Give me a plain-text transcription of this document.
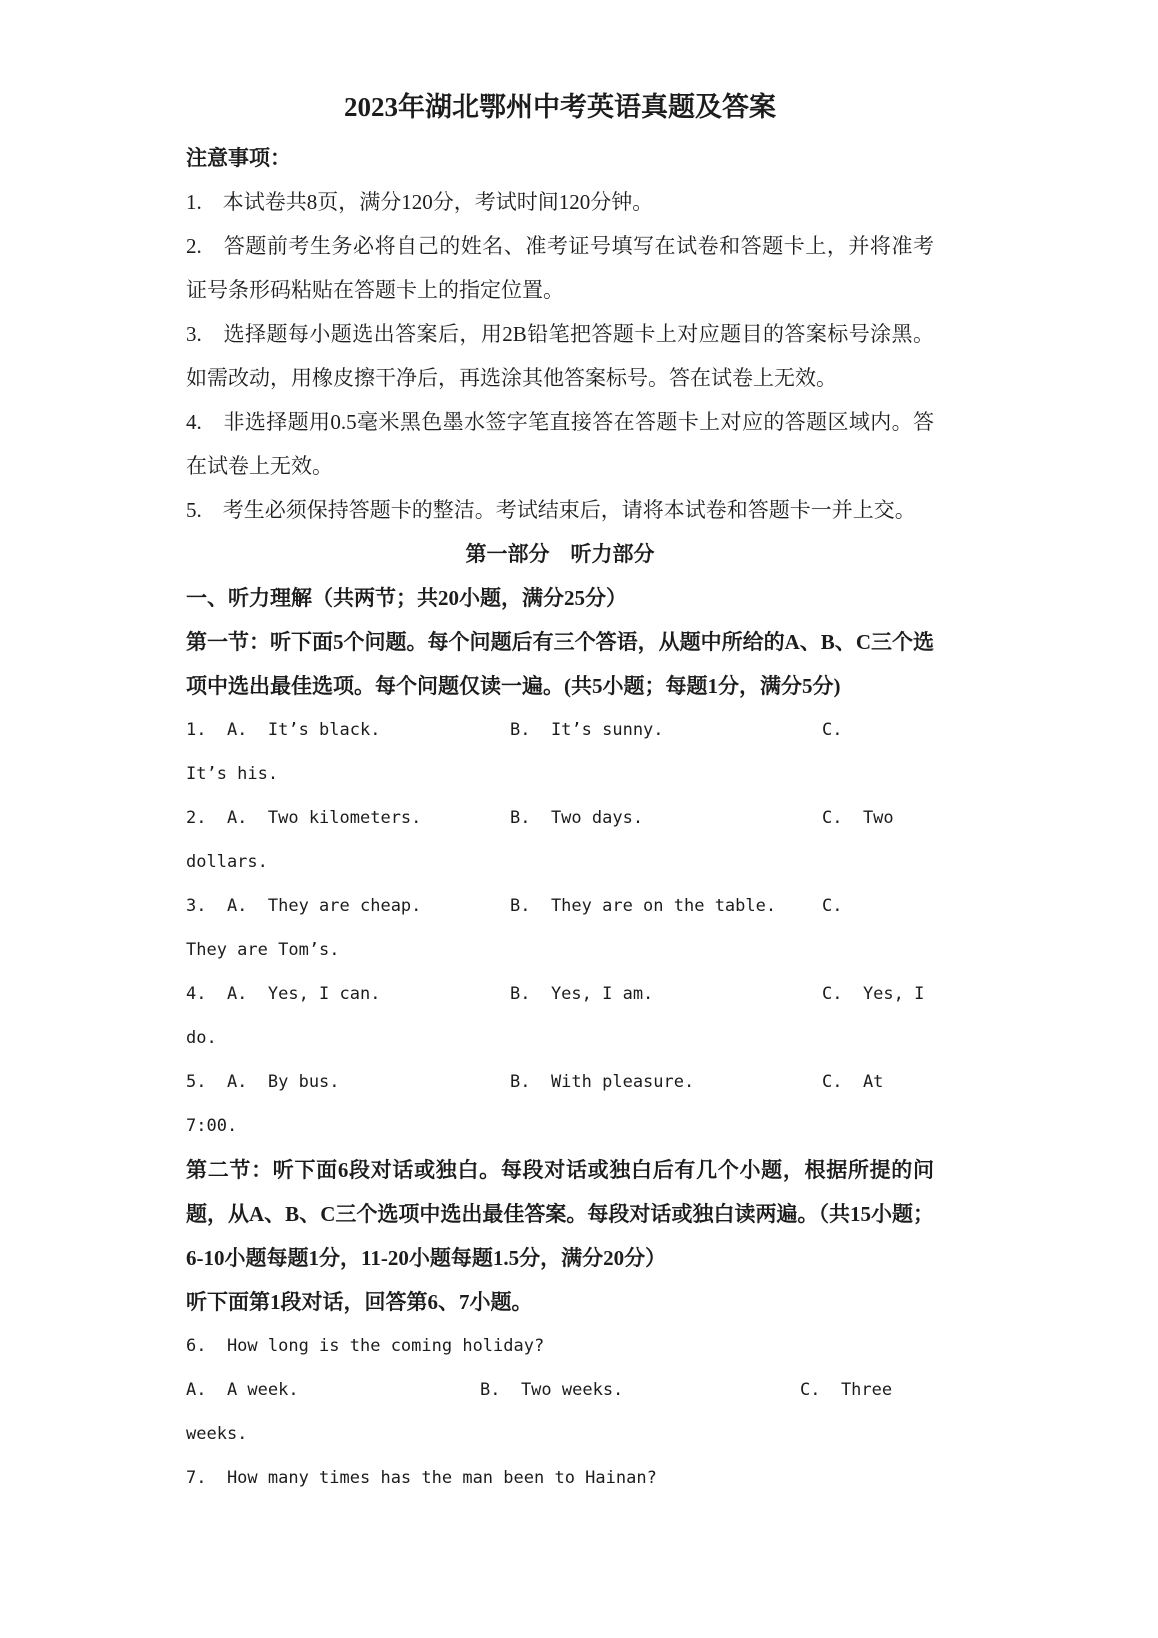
2023年湖北鄂州中考英语真题及答案

注意事项：

1.　本试卷共8页，满分120分，考试时间120分钟。

2.　答题前考生务必将自己的姓名、准考证号填写在试卷和答题卡上，并将准考证号条形码粘贴在答题卡上的指定位置。

3.　选择题每小题选出答案后，用2B铅笔把答题卡上对应题目的答案标号涂黑。如需改动，用橡皮擦干净后，再选涂其他答案标号。答在试卷上无效。

4.　非选择题用0.5毫米黑色墨水签字笔直接答在答题卡上对应的答题区域内。答在试卷上无效。

5.　考生必须保持答题卡的整洁。考试结束后，请将本试卷和答题卡一并上交。

第一部分　听力部分

一、听力理解（共两节；共20小题，满分25分）

第一节：听下面5个问题。每个问题后有三个答语，从题中所给的A、B、C三个选项中选出最佳选项。每个问题仅读一遍。(共5小题；每题1分，满分5分)

1.  A.  It’s black.	B.  It’s sunny.	C.

It’s his.

2.  A.  Two kilometers.	B.  Two days.	C.  Two

dollars.

3.  A.  They are cheap.	B.  They are on the table.	C.

They are Tom’s.

4.  A.  Yes, I can.	B.  Yes, I am.	C.  Yes, I

do.

5.  A.  By bus.	B.  With pleasure.	C.  At

7:00.

第二节：听下面6段对话或独白。每段对话或独白后有几个小题，根据所提的问题，从A、B、C三个选项中选出最佳答案。每段对话或独白读两遍。（共15小题；6-10小题每题1分，11-20小题每题1.5分，满分20分）

听下面第1段对话，回答第6、7小题。

6.  How long is the coming holiday?

A.  A week.	B.  Two weeks.	C.  Three

weeks.

7.  How many times has the man been to Hainan?
